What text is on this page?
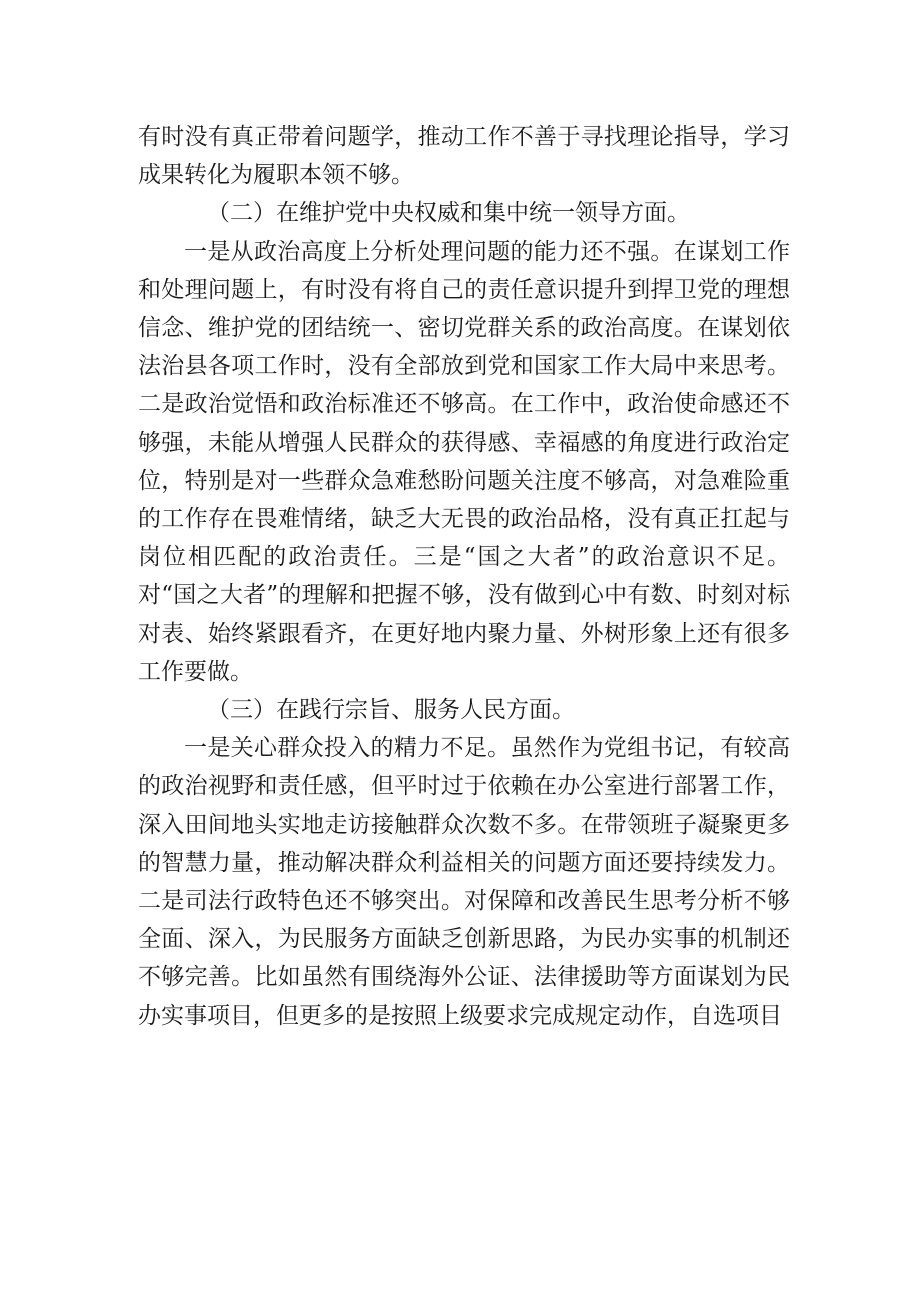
有时没有真正带着问题学，推动工作不善于寻找理论指导，学习成果转化为履职本领不够。

（二）在维护党中央权威和集中统一领导方面。

一是从政治高度上分析处理问题的能力还不强。在谋划工作和处理问题上，有时没有将自己的责任意识提升到捍卫党的理想信念、维护党的团结统一、密切党群关系的政治高度。在谋划依法治县各项工作时，没有全部放到党和国家工作大局中来思考。二是政治觉悟和政治标准还不够高。在工作中，政治使命感还不够强，未能从增强人民群众的获得感、幸福感的角度进行政治定位，特别是对一些群众急难愁盼问题关注度不够高，对急难险重的工作存在畏难情绪，缺乏大无畏的政治品格，没有真正扛起与岗位相匹配的政治责任。三是“国之大者”的政治意识不足。对“国之大者”的理解和把握不够，没有做到心中有数、时刻对标对表、始终紧跟看齐，在更好地内聚力量、外树形象上还有很多工作要做。

（三）在践行宗旨、服务人民方面。

一是关心群众投入的精力不足。虽然作为党组书记，有较高的政治视野和责任感，但平时过于依赖在办公室进行部署工作，深入田间地头实地走访接触群众次数不多。在带领班子凝聚更多的智慧力量，推动解决群众利益相关的问题方面还要持续发力。二是司法行政特色还不够突出。对保障和改善民生思考分析不够全面、深入，为民服务方面缺乏创新思路，为民办实事的机制还不够完善。比如虽然有围绕海外公证、法律援助等方面谋划为民办实事项目，但更多的是按照上级要求完成规定动作，自选项目
